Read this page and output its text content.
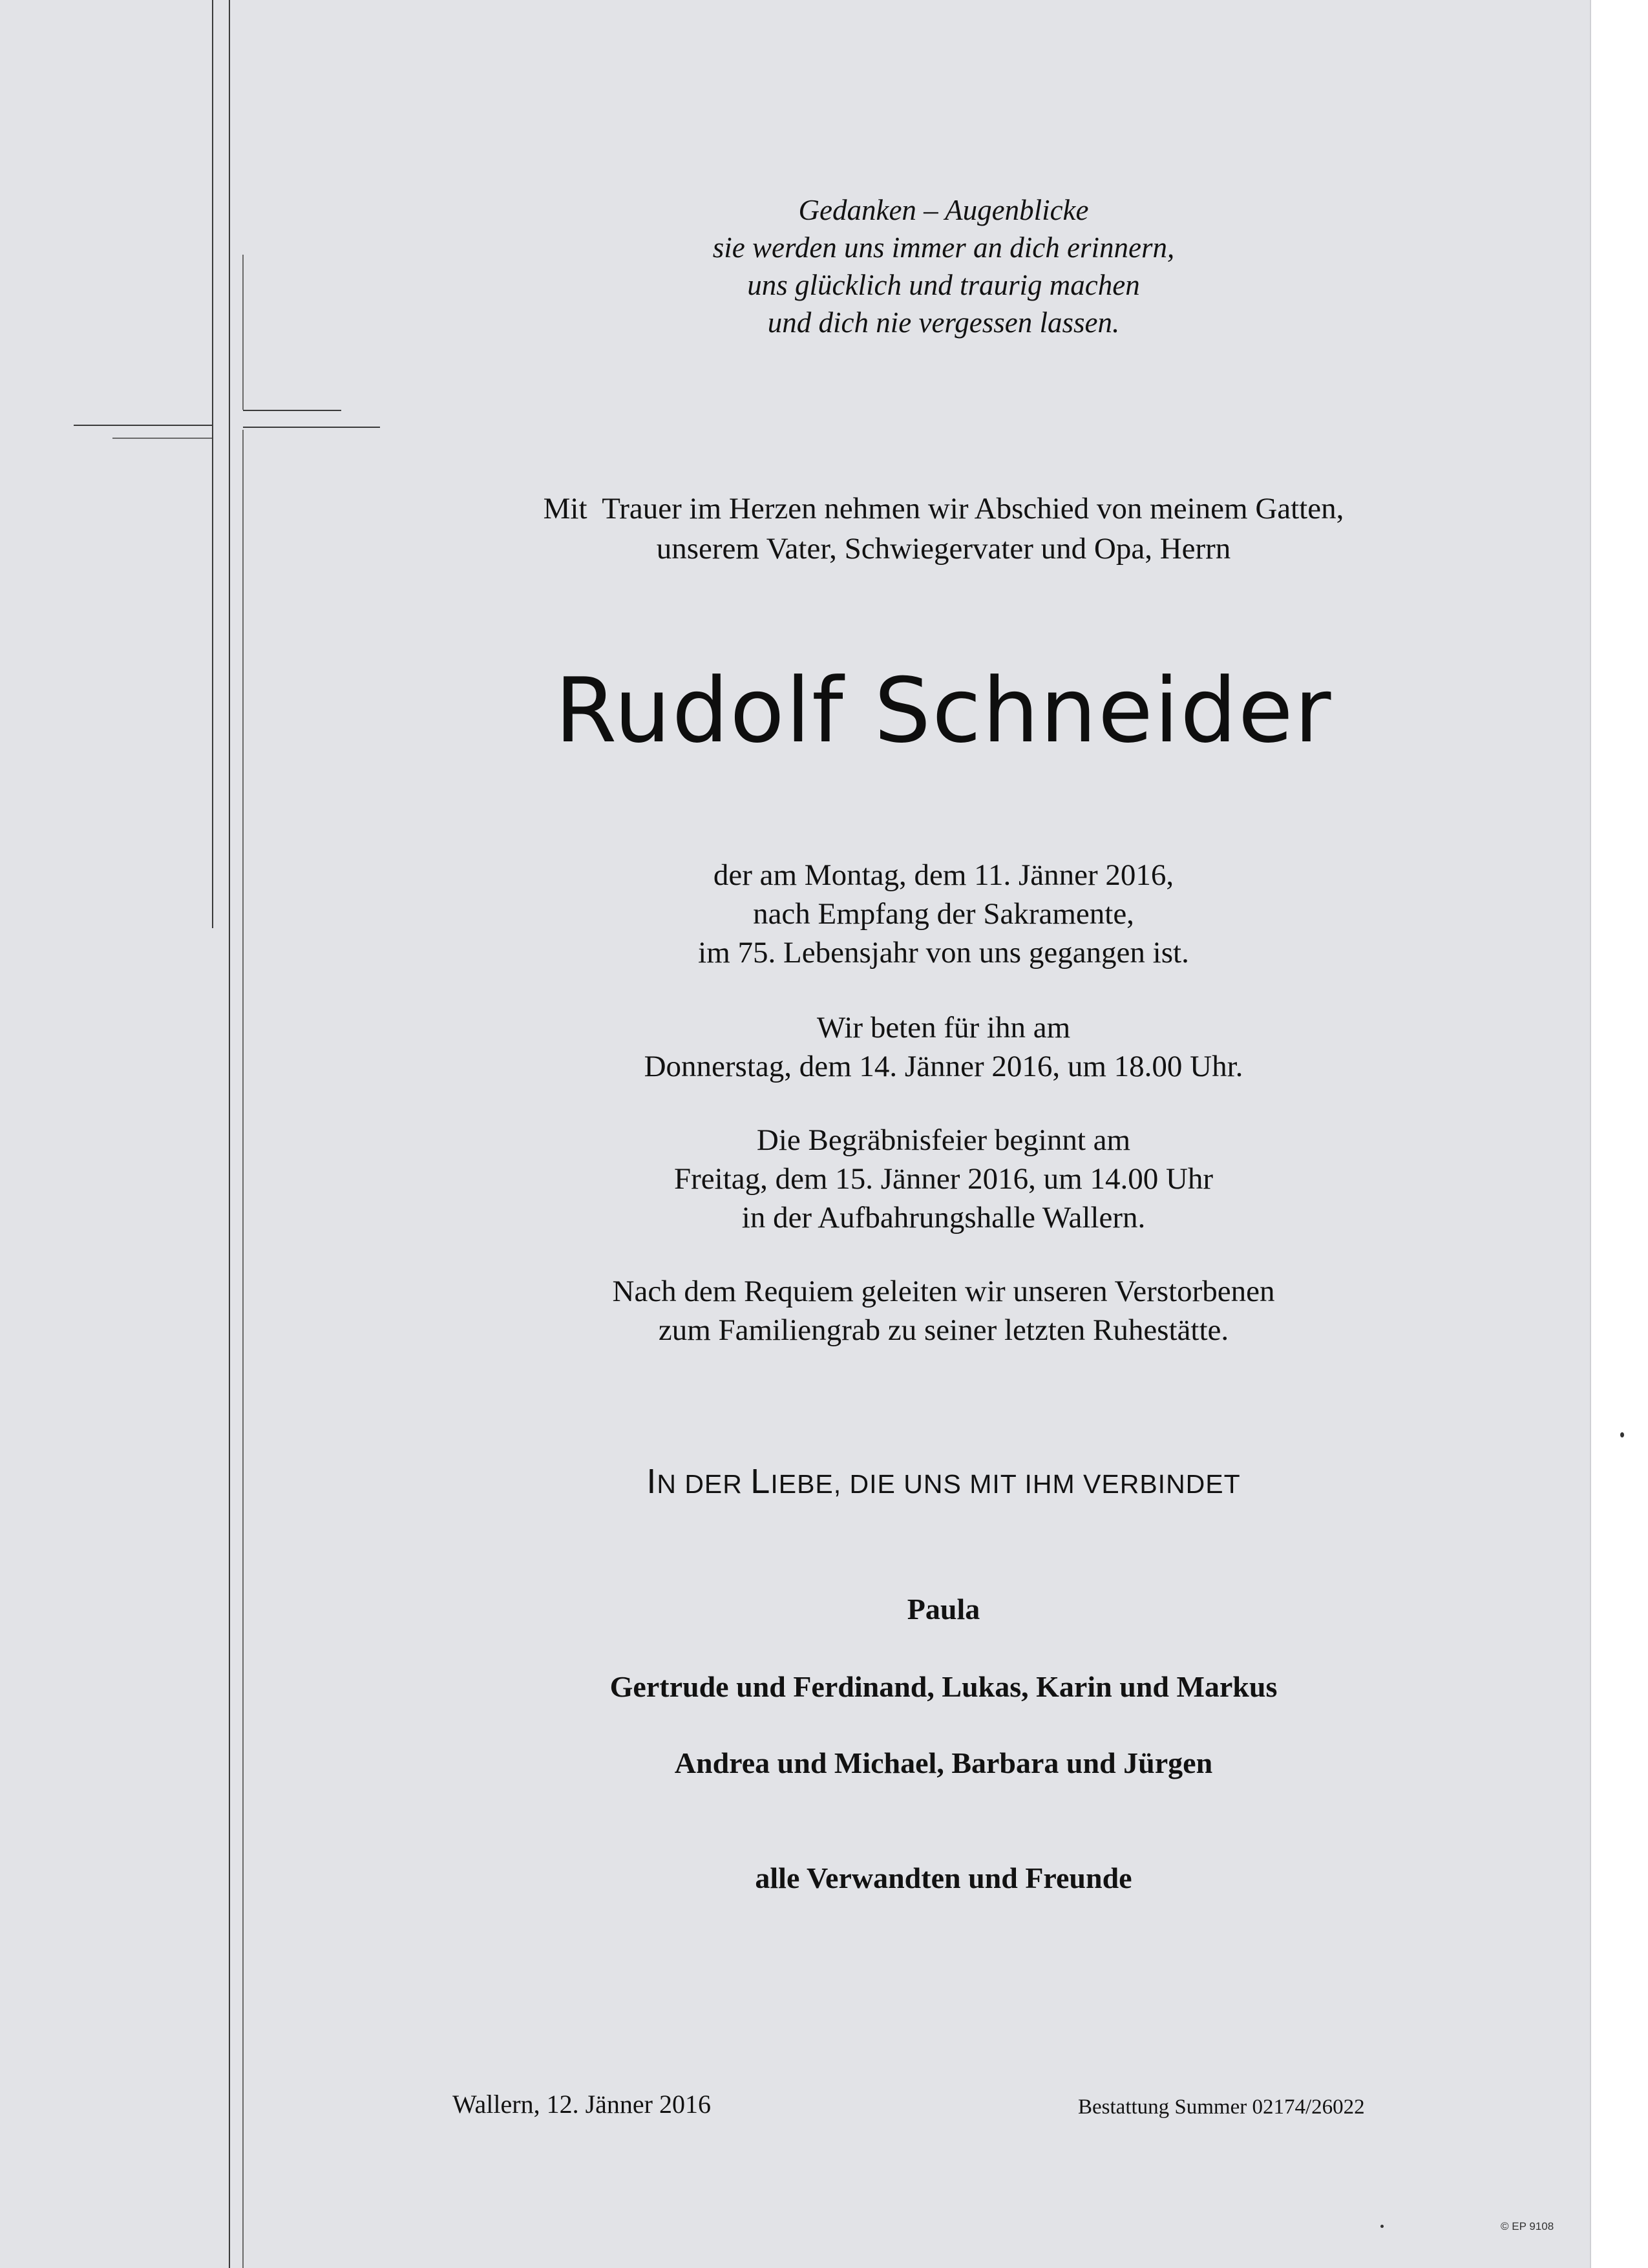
Gedanken – Augenblicke
sie werden uns immer an dich erinnern,
uns glücklich und traurig machen
und dich nie vergessen lassen.
Mit  Trauer im Herzen nehmen wir Abschied von meinem Gatten,
unserem Vater, Schwiegervater und Opa, Herrn
Rudolf Schneider
der am Montag, dem 11. Jänner 2016,
nach Empfang der Sakramente,
im 75. Lebensjahr von uns gegangen ist.
Wir beten für ihn am
Donnerstag, dem 14. Jänner 2016, um 18.00 Uhr.
Die Begräbnisfeier beginnt am
Freitag, dem 15. Jänner 2016, um 14.00 Uhr
in der Aufbahrungshalle Wallern.
Nach dem Requiem geleiten wir unseren Verstorbenen
zum Familiengrab zu seiner letzten Ruhestätte.
IN DER LIEBE, DIE UNS MIT IHM VERBINDET
Paula
Gertrude und Ferdinand, Lukas, Karin und Markus
Andrea und Michael, Barbara und Jürgen
alle Verwandten und Freunde
Wallern, 12. Jänner 2016	Bestattung Summer 02174/26022
© EP 9108
